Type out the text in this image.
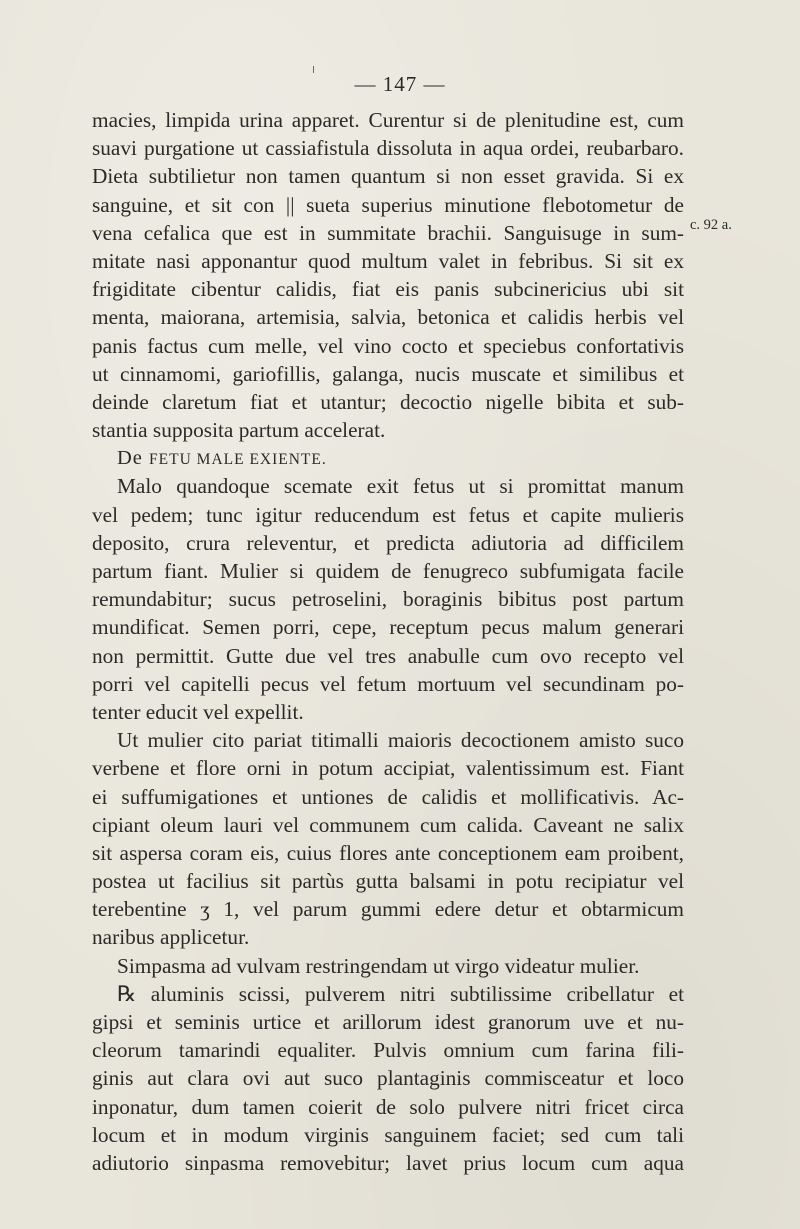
— 147 —
c. 92 a.
macies, limpida urina apparet. Curentur si de plenitudine est, cum
suavi purgatione ut cassiafistula dissoluta in aqua ordei, reubarbaro.
Dieta subtilietur non tamen quantum si non esset gravida. Si ex
sanguine, et sit con || sueta superius minutione flebotometur de
vena cefalica que est in summitate brachii. Sanguisuge in sum-
mitate nasi apponantur quod multum valet in febribus. Si sit ex
frigiditate cibentur calidis, fiat eis panis subcinericius ubi sit
menta, maiorana, artemisia, salvia, betonica et calidis herbis vel
panis factus cum melle, vel vino cocto et speciebus confortativis
ut cinnamomi, gariofillis, galanga, nucis muscate et similibus et
deinde claretum fiat et utantur; decoctio nigelle bibita et sub-
stantia supposita partum accelerat.
De FETU MALE EXIENTE.
Malo quandoque scemate exit fetus ut si promittat manum
vel pedem; tunc igitur reducendum est fetus et capite mulieris
deposito, crura releventur, et predicta adiutoria ad difficilem
partum fiant. Mulier si quidem de fenugreco subfumigata facile
remundabitur; sucus petroselini, boraginis bibitus post partum
mundificat. Semen porri, cepe, receptum pecus malum generari
non permittit. Gutte due vel tres anabulle cum ovo recepto vel
porri vel capitelli pecus vel fetum mortuum vel secundinam po-
tenter educit vel expellit.
Ut mulier cito pariat titimalli maioris decoctionem amisto suco
verbene et flore orni in potum accipiat, valentissimum est. Fiant
ei suffumigationes et untiones de calidis et mollificativis. Ac-
cipiant oleum lauri vel communem cum calida. Caveant ne salix
sit aspersa coram eis, cuius flores ante conceptionem eam proibent,
postea ut facilius sit partùs gutta balsami in potu recipiatur vel
terebentine ʒ 1, vel parum gummi edere detur et obtarmicum
naribus applicetur.
Simpasma ad vulvam restringendam ut virgo videatur mulier.
℞ aluminis scissi, pulverem nitri subtilissime cribellatur et
gipsi et seminis urtice et arillorum idest granorum uve et nu-
cleorum tamarindi equaliter. Pulvis omnium cum farina fili-
ginis aut clara ovi aut suco plantaginis commisceatur et loco
inponatur, dum tamen coierit de solo pulvere nitri fricet circa
locum et in modum virginis sanguinem faciet; sed cum tali
adiutorio sinpasma removebitur; lavet prius locum cum aqua
